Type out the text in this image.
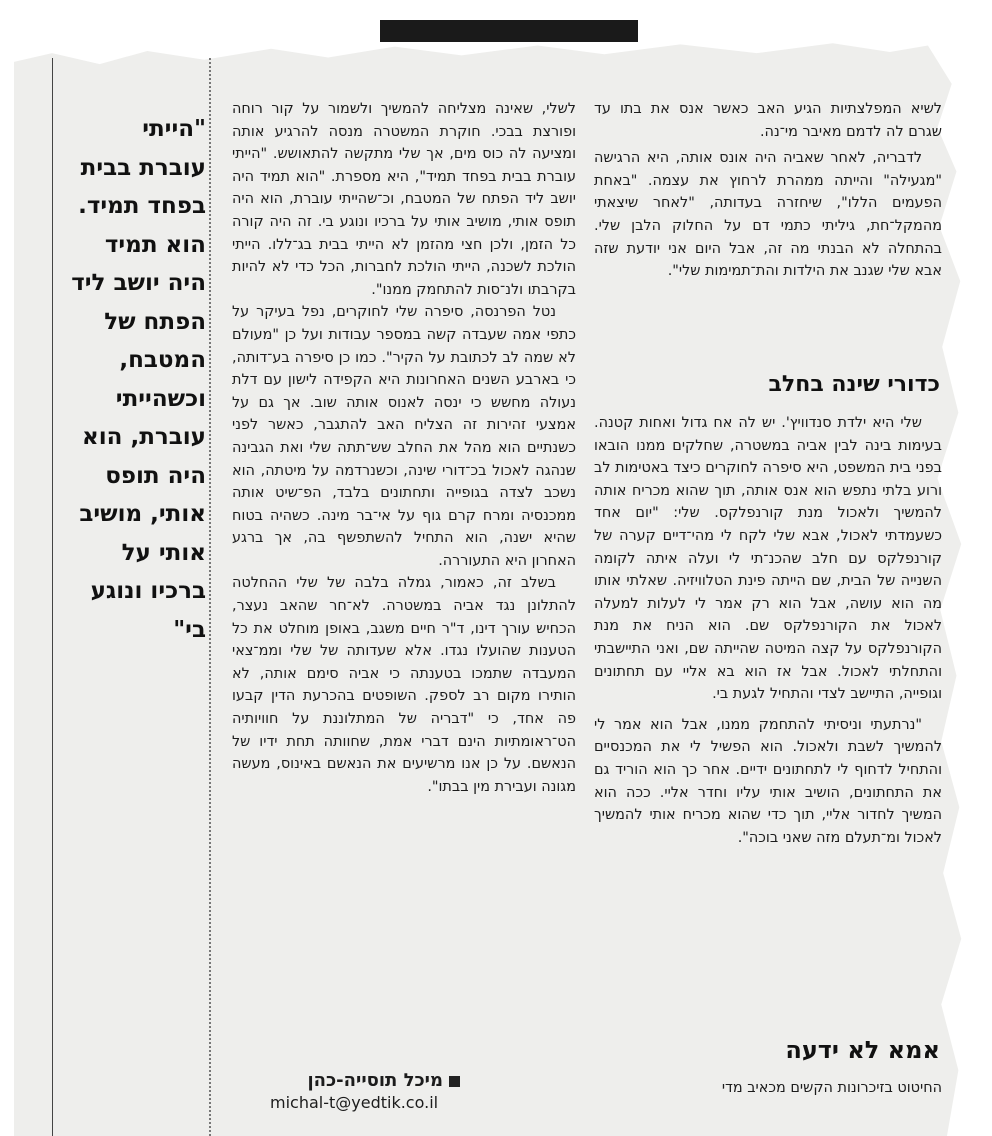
"הייתי עוברת בבית בפחד תמיד. הוא תמיד היה יושב ליד הפתח של המטבח, וכשהייתי עוברת, הוא היה תופס אותי, מושיב אותי על ברכיו ונוגע בי"

לשלי, שאינה מצליחה להמשיך ולשמור על קור רוחה ופורצת בבכי. חוקרת המשטרה מנסה להרגיע אותה ומציעה לה כוס מים, אך שלי מתקשה להתאושש. "הייתי עוברת בבית בפחד תמיד", היא מספרת. "הוא תמיד היה יושב ליד הפתח של המטבח, וכ־שהייתי עוברת, הוא היה תופס אותי, מושיב אותי על ברכיו ונוגע בי. זה היה קורה כל הזמן, ולכן חצי מהזמן לא הייתי בבית בג־ללו. הייתי הולכת לשכנה, הייתי הולכת לחברות, הכל כדי לא להיות בקרבתו ולנ־סות להתחמק ממנו".

נטל הפרנסה, סיפרה שלי לחוקרים, נפל בעיקר על כתפי אמה שעבדה קשה במספר עבודות ועל כן "מעולם לא שמה לב לכתובת על הקיר". כמו כן סיפרה בע־דותה, כי בארבע השנים האחרונות היא הקפידה לישון עם דלת נעולה מחשש כי ינסה לאנוס אותה שוב. אך גם על אמצעי זהירות זה הצליח האב להתגבר, כאשר לפני כשנתיים הוא מהל את החלב שש־תתה שלי ואת הגבינה שנהגה לאכול בכ־דורי שינה, וכשנרדמה על מיטתה, הוא נשכב לצדה בגופייה ותחתונים בלבד, הפ־שיט אותה ממכנסיה ומרח קרם גוף על אי־בר מינה. כשהיה בטוח שהיא ישנה, הוא התחיל להשתפשף בה, אך ברגע האחרון היא התעוררה.

בשלב זה, כאמור, גמלה בלבה של שלי ההחלטה להתלונן נגד אביה במשטרה. לא־חר שהאב נעצר, הכחיש עורך דינו, ד"ר חיים משגב, באופן מוחלט את כל הטענות שהועלו נגדו. אלא שעדותה של שלי וממ־צאי המעבדה שתמכו בטענתה כי אביה סימם אותה, לא הותירו מקום רב לספק. השופטים בהכרעת הדין קבעו פה אחד, כי "דבריה של המתלוננת על חוויותיה הט־ראומתיות הינם דברי אמת, שחוותה תחת ידיו של הנאשם. על כן אנו מרשיעים את הנאשם באינוס, מעשה מגונה ועבירת מין בבתו".

מיכל תוסייה-כהן
michal-t@yedtik.co.il

לשיא המפלצתיות הגיע האב כאשר אנס את בתו עד שגרם לה לדמם מאיבר מי־נה.

לדבריה, לאחר שאביה היה אונס אותה, היא הרגישה "מגעילה" והייתה ממהרת לרחוץ את עצמה. "באחת הפעמים הללו", שיחזרה בעדותה, "לאחר שיצאתי מהמקל־חת, גיליתי כתמי דם על החלוק הלבן שלי. בהתחלה לא הבנתי מה זה, אבל היום אני יודעת שזה אבא שלי שגנב את הילדות והת־תמימות שלי".

כדורי שינה בחלב

שלי היא ילדת סנדוויץ'. יש לה אח גדול ואחות קטנה. בעימות בינה לבין אביה במשטרה, שחלקים ממנו הובאו בפני בית המשפט, היא סיפרה לחוקרים כיצד באטימות לב ורוע בלתי נתפש הוא אנס אותה, תוך שהוא מכריח אותה להמשיך ולאכול מנת קורנפלקס. שלי: "יום אחד כשעמדתי לאכול, אבא שלי לקח לי מהי־דיים קערה של קורנפלקס עם חלב שהכנ־תי לי ועלה איתה לקומה השנייה של הבית, שם הייתה פינת הטלוויזיה. שאלתי אותו מה הוא עושה, אבל הוא רק אמר לי לעלות למעלה לאכול את הקורנפלקס שם. הוא הניח את מנת הקורנפלקס על קצה המיטה שהייתה שם, ואני התיישבתי והתחלתי לאכול. אבל אז הוא בא אליי עם תחתונים וגופייה, התיישב לצדי והתחיל לגעת בי.

"נרתעתי וניסיתי להתחמק ממנו, אבל הוא אמר לי להמשיך לשבת ולאכול. הוא הפשיל לי את המכנסיים והתחיל לדחוף לי לתחתונים ידיים. אחר כך הוא הוריד גם את התחתונים, הושיב אותי עליו וחדר אליי. ככה הוא המשיך לחדור אליי, תוך כדי שהוא מכריח אותי להמשיך לאכול ומ־תעלם מזה שאני בוכה".

אמא לא ידעה
החיטוט בזיכרונות הקשים מכאיב מדי
